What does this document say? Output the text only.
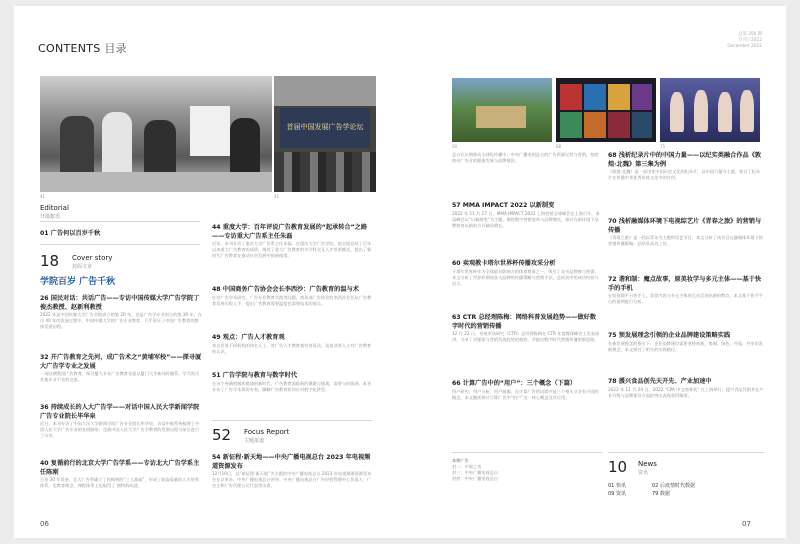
CONTENTS 目录
首届中国发展广告学论坛
41	41
Editorial
开篇絮语
01 广告何以百岁千秋
18 Cover story
封面文章
学院百岁 广告千秋
26 国民对话：共话广告——专访中国传媒大学广告学院丁俊杰教授、赵新利教授
2022 年是中国传媒大学广告学院成立的第 20 年，也是广告学专业创立的第 39 年。在这 40 年的发展过程中，中国传媒大学的广告专业教育，几乎见证了中国广告教育的整体发展历程。
32 开广告教育之先河，成广告术之“黄埔军校”——探寻厦大广告学专业之发展
一场回溯我国广告教育，探讨厦大专业广告教育先驱以厦门大学新闻传播系。学为发出其他专业不宣的交流。
36 持续成长的人大广告学——对话中国人民大学新闻学院广告专业院长毕华泉
近日，本刊专访了中国人民大学新闻学院广告专业院长毕华泉，访谈中他系统梳理了中国人民大学广告专业的发展脉络，也就中国人民大学广告学教育的发展历程与前沿进行了分享。
40 复循前行的北京大学广告学系——专访北大广告学系主任陈刚
百余 30 年发展，北大广告系确立了较鲜明的“三大基础”，形成了较高质量的人才培养体系，也教育理念、课程体系上也取得了 独特的成就。
44 重度大学：百年评说广告教育发展的“起承转合”之路——专访重大广告系主任朱磊
近年，本刊专访了重庆大学广告系主任朱磊。在重庆大学广告学院，他全面总结了百年以来重大广告教育的成绩，阐述了重大广告教育的多学科交叉人才培养模式，提出了新时代广告教育在推动社会发展中的新使命。
48 中国商务广告协会会长李西沙：广告教育的温与术
针对广告学术研究、广告专业教育实践等问题，商务部广告协会的李西沙会长从广告教育发展历程入手，提出广告教育需要温度也需要技术的观点。
49 观点：广告人才教育观
来自业界不同机构的知名人士，对广告人才教育观有何看法，谈谈业界人士对广告教育的认识。
51 广告学院与教育与数字时代
在这个充满机遇和挑战的新时代，广告教育面临新的课题与挑战，需要与时俱进。本刊专访了广告学术界的专家，聊聊广告教育如何应对数字化转型。
52 Focus Report
主题报道
54 新征程·新天地——中央广播电视总台 2023 年电视频道资源发布
12月10日，以“新征程·新天地”为主题的中央广播电视总台 2023 年电视频道资源发布会在京举办，中央广播电视总台领导、中央广播电视总台广告经营管理中心负责人、广告主和广告代理公司代表等出席。
06
总第 356 期
月刊 / 2022
December 2022
50	68	75
总台在长期推动全球化传播中，中央广播电视总台的广告资源运营与营销，持续推动广告业的健康发展与品牌建设。
57 MMA IMPACT 2022 以新制变
2022 年 11 月 17 日，MMA IMPACT 2022 上海营销全球峰会在上海召开，本届峰会以“以新制变”为主题，聚焦数字营销变革与品牌增长，探讨在新环境下品牌如何以新的方式破局增长。
60 卖观教卡塔尔世界杯传播攻采分析
卡塔尔世界杯作为全球最具影响力的体育赛事之一，吸引了众多品牌参与营销。本文分析了世界杯期间各大品牌的传播策略与营销手法，总结其中的成功经验与启示。
63 CTR 总经理陈梅：网络科普发展趋势——做好数字时代的营销传播
12 月 22 日，央视市场研究（CTR）总经理陈梅在 CTR 年度媒体峰会上发表演讲，分享了对媒体与营销发展趋势的观察，并提出数字时代营销传播的新思路。
66 计算广告中的“用户”：三个概念（下篇）
用户研究、用户分析、用户画像，在计算广告的语境中是三个相关又各有不同的概念。本文继续探讨计算广告中“用户”这一核心概念及其应用。
本期广告
封二：中视之音
封三：中央广播电视总台
封底：中央广播电视总台
68 浅析纪录片中的中国力量——以纪实类融合作品《敦煌·北魏》第三集为例
《敦煌·北魏》是一部讲述中国历史文化的纪录片，以中国力量为主题，探讨了纪录片在传播中华优秀传统文化中的作用。
70 浅析融媒体环境下电视综艺片《青春之旅》的营销与传播
《青春之旅》是一档以青年为主题的综艺节目，本文分析了该节目在融媒体环境下的营销传播策略，总结其成功之处。
72 谐和制：魔点故事，原美妆学与多元主体——基于快手的手机
在短视频平台快手上，美妆内容与多元主体的互动呈现出新的特点，本文基于快手平台的案例进行分析。
75 预发展理念引领的企业品牌建设策略实践
在新发展理念的指引下，企业品牌建设需要坚持创新、协调、绿色、开放、共享的发展理念，本文探讨了相关的实践路径。
78 援兴食品创先天开先、产业加速中
2022 年 11 月 24 日，2022 “CPA 中文商务奖” 在上海举行，援兴食品凭借其在产业升级与品牌建设方面的突出表现获得殊荣。
10 News
资讯
01 快讯	02 后疫情时代数据
09 资讯	79 数据
07
